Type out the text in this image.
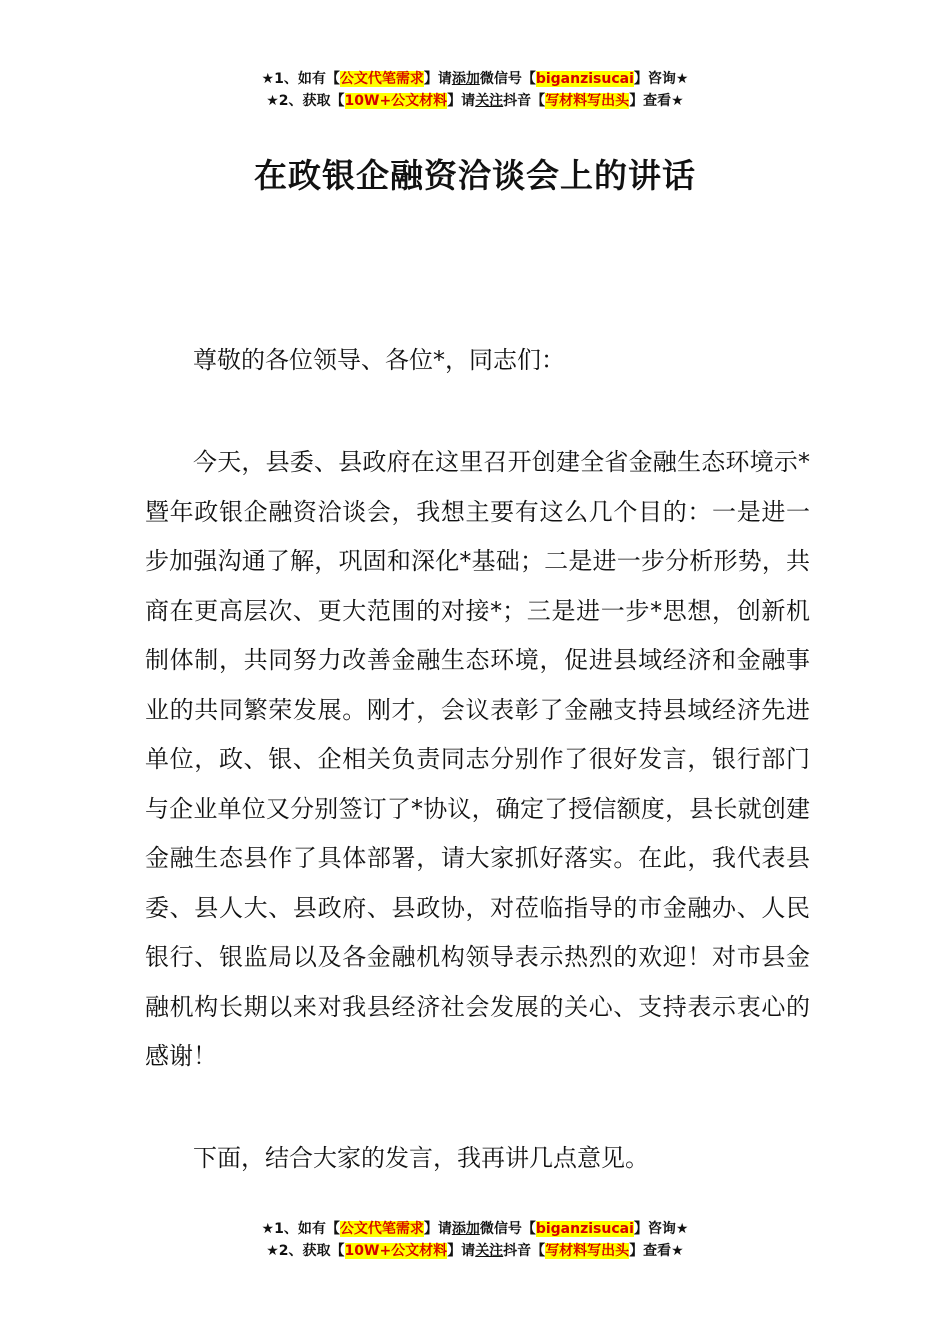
★1、如有【公文代笔需求】请添加微信号【biganzisucai】咨询★
★2、获取【10W+公文材料】请关注抖音【写材料写出头】查看★
在政银企融资洽谈会上的讲话

尊敬的各位领导、各位*，同志们：

今天，县委、县政府在这里召开创建全省金融生态环境示*暨年政银企融资洽谈会，我想主要有这么几个目的：一是进一步加强沟通了解，巩固和深化*基础；二是进一步分析形势，共商在更高层次、更大范围的对接*；三是进一步*思想，创新机制体制，共同努力改善金融生态环境，促进县域经济和金融事业的共同繁荣发展。刚才，会议表彰了金融支持县域经济先进单位，政、银、企相关负责同志分别作了很好发言，银行部门与企业单位又分别签订了*协议，确定了授信额度，县长就创建金融生态县作了具体部署，请大家抓好落实。在此，我代表县委、县人大、县政府、县政协，对莅临指导的市金融办、人民银行、银监局以及各金融机构领导表示热烈的欢迎！对市县金融机构长期以来对我县经济社会发展的关心、支持表示衷心的感谢！

下面，结合大家的发言，我再讲几点意见。

★1、如有【公文代笔需求】请添加微信号【biganzisucai】咨询★
★2、获取【10W+公文材料】请关注抖音【写材料写出头】查看★
